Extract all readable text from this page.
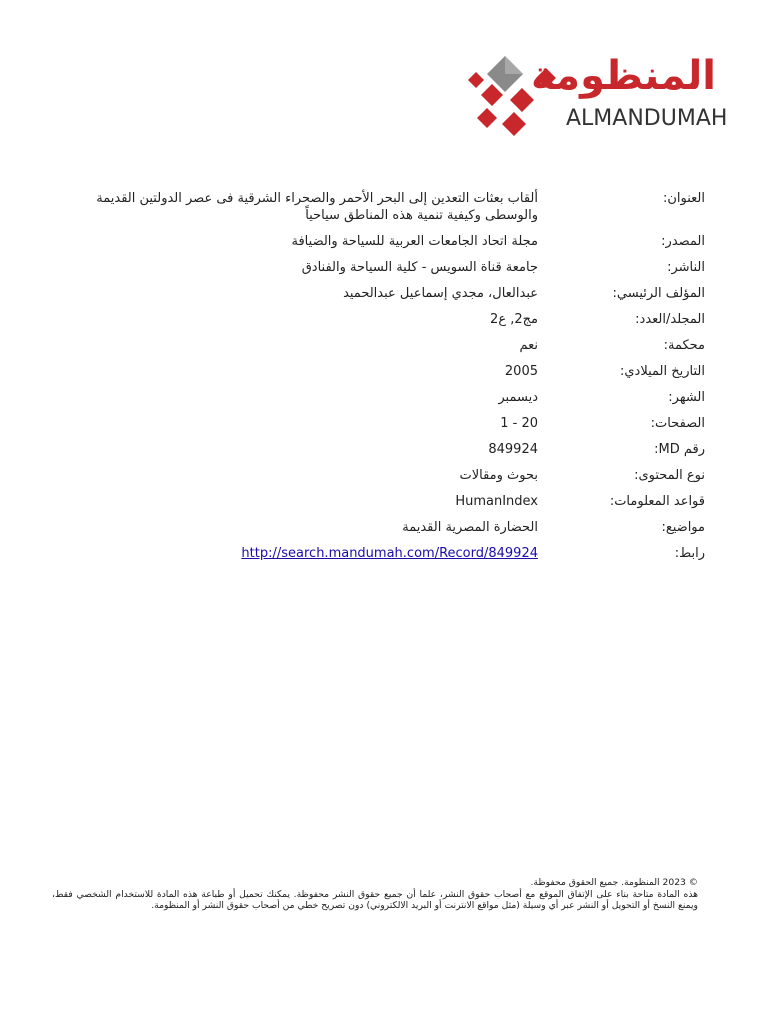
المنظومة
ALMANDUMAH
العنوان:
ألقاب بعثات التعدين إلى البحر الأحمر والصحراء الشرقية فى عصر الدولتين القديمة والوسطى وكيفية تنمية هذه المناطق سياحياً
المصدر:
مجلة اتحاد الجامعات العربية للسياحة والضيافة
الناشر:
جامعة قناة السويس - كلية السياحة والفنادق
المؤلف الرئيسي:
عبدالعال، مجدي إسماعيل عبدالحميد
المجلد/العدد:
مج2, ع2
محكمة:
نعم
التاريخ الميلادي:
2005
الشهر:
ديسمبر
الصفحات:
1 - 20
رقم MD:
849924
نوع المحتوى:
بحوث ومقالات
قواعد المعلومات:
HumanIndex
مواضيع:
الحضارة المصرية القديمة
رابط:
http://search.mandumah.com/Record/849924

© 2023 المنظومة. جميع الحقوق محفوظة.

هذه المادة متاحة بناء على الإتفاق الموقع مع أصحاب حقوق النشر، علما أن جميع حقوق النشر محفوظة. يمكنك تحميل أو طباعة هذه المادة للاستخدام الشخصي فقط، ويمنع النسخ أو التحويل أو النشر عبر أي وسيلة (مثل مواقع الانترنت أو البريد الالكتروني) دون تصريح خطي من أصحاب حقوق النشر أو المنظومة.
